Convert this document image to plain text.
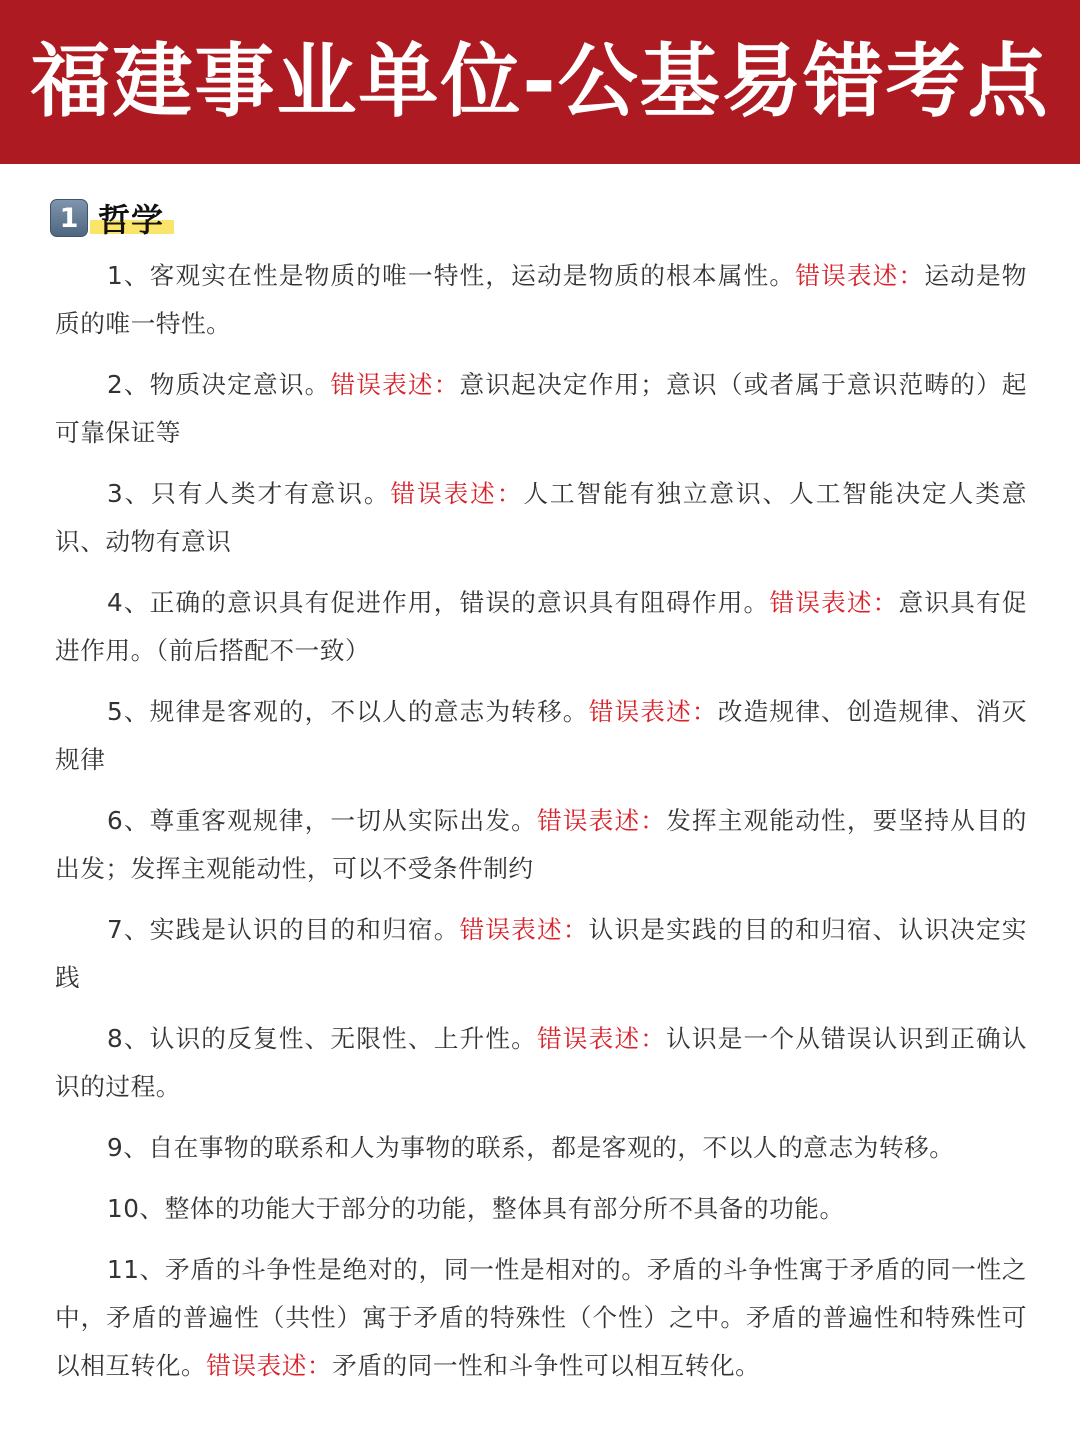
福建事业单位-公基易错考点
1 哲学

1、客观实在性是物质的唯一特性，运动是物质的根本属性。错误表述：运动是物质的唯一特性。

2、物质决定意识。错误表述：意识起决定作用；意识（或者属于意识范畴的）起可靠保证等

3、只有人类才有意识。错误表述：人工智能有独立意识、人工智能决定人类意识、动物有意识

4、正确的意识具有促进作用，错误的意识具有阻碍作用。错误表述：意识具有促进作用。（前后搭配不一致）

5、规律是客观的，不以人的意志为转移。错误表述：改造规律、创造规律、消灭规律

6、尊重客观规律，一切从实际出发。错误表述：发挥主观能动性，要坚持从目的出发；发挥主观能动性，可以不受条件制约

7、实践是认识的目的和归宿。错误表述：认识是实践的目的和归宿、认识决定实践

8、认识的反复性、无限性、上升性。错误表述：认识是一个从错误认识到正确认识的过程。

9、自在事物的联系和人为事物的联系，都是客观的，不以人的意志为转移。

10、整体的功能大于部分的功能，整体具有部分所不具备的功能。

11、矛盾的斗争性是绝对的，同一性是相对的。矛盾的斗争性寓于矛盾的同一性之中，矛盾的普遍性（共性）寓于矛盾的特殊性（个性）之中。矛盾的普遍性和特殊性可以相互转化。错误表述：矛盾的同一性和斗争性可以相互转化。
